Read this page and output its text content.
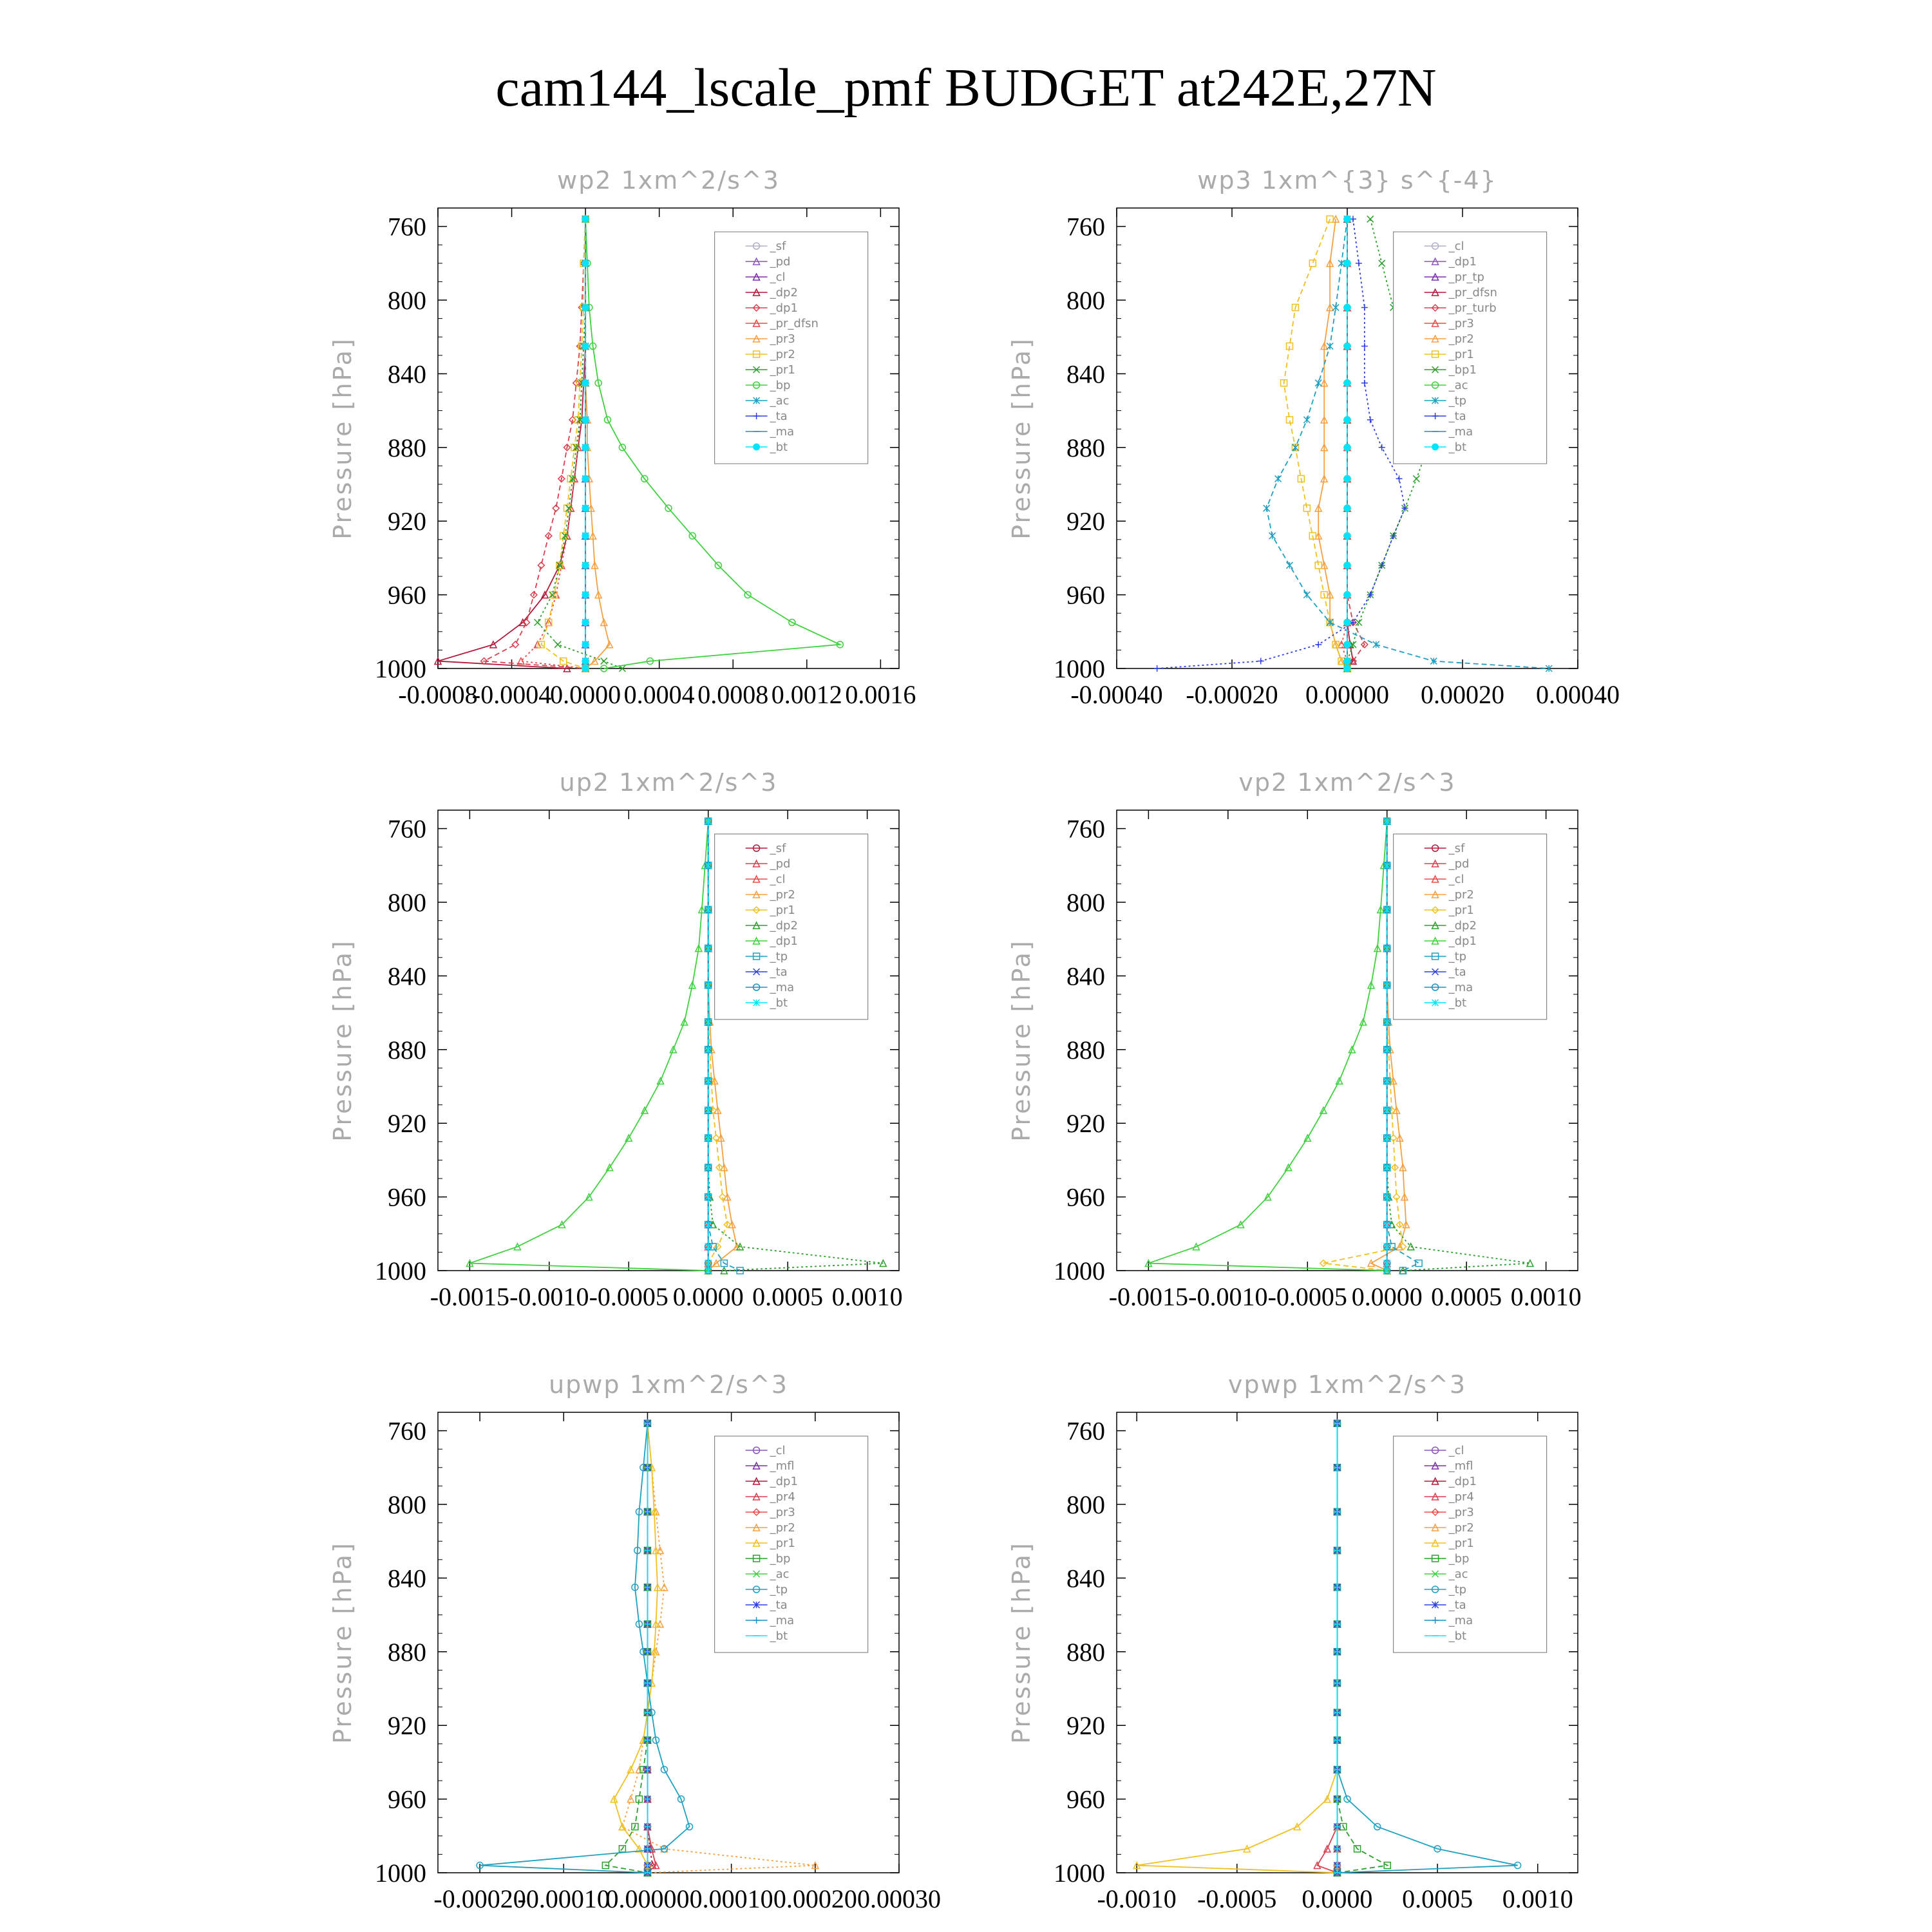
cam144_lscale_pmf BUDGET at242E,27N
wp2 1xm^2/s^3
Pressure [hPa]
760
800
840
880
920
960
1000
-0.0008
-0.0004
0.0000 0.0004 0.0008 0.0012 0.0016
_sf
_pd
_cl
_dp2
_dp1
_pr_dfsn
_pr3
_pr2
_pr1
_bp
_ac
_ta
_ma
_bt
wp3 1xm^{3} s^{-4}
Pressure [hPa]
760
800
840
880
920
960
1000
-0.00040 -0.00020 0.00000 0.00020 0.00040
_cl
_dp1
_pr_tp
_pr_dfsn
_pr_turb
_pr3
_pr2
_pr1
_bp1
_ac
_tp
_ta
_ma
_bt
up2 1xm^2/s^3
Pressure [hPa]
760
800
840
880
920
960
1000
-0.0015 -0.0010 -0.0005 0.0000 0.0005 0.0010
_sf
_pd
_cl
_pr2
_pr1
_dp2
_dp1
_tp
_ta
_ma
_bt
vp2 1xm^2/s^3
Pressure [hPa]
760
800
840
880
920
960
1000
-0.0015 -0.0010 -0.0005 0.0000 0.0005 0.0010
_sf
_pd
_cl
_pr2
_pr1
_dp2
_dp1
_tp
_ta
_ma
_bt
upwp 1xm^2/s^3
Pressure [hPa]
760
800
840
880
920
960
1000
-0.00020
-0.00010
0.00000 0.00010 0.00020 0.00030
_cl
_mfl
_dp1
_pr4
_pr3
_pr2
_pr1
_bp
_ac
_tp
_ta
_ma
_bt
vpwp 1xm^2/s^3
Pressure [hPa]
760
800
840
880
920
960
1000
-0.0010 -0.0005 0.0000 0.0005 0.0010
_cl
_mfl
_dp1
_pr4
_pr3
_pr2
_pr1
_bp
_ac
_tp
_ta
_ma
_bt
